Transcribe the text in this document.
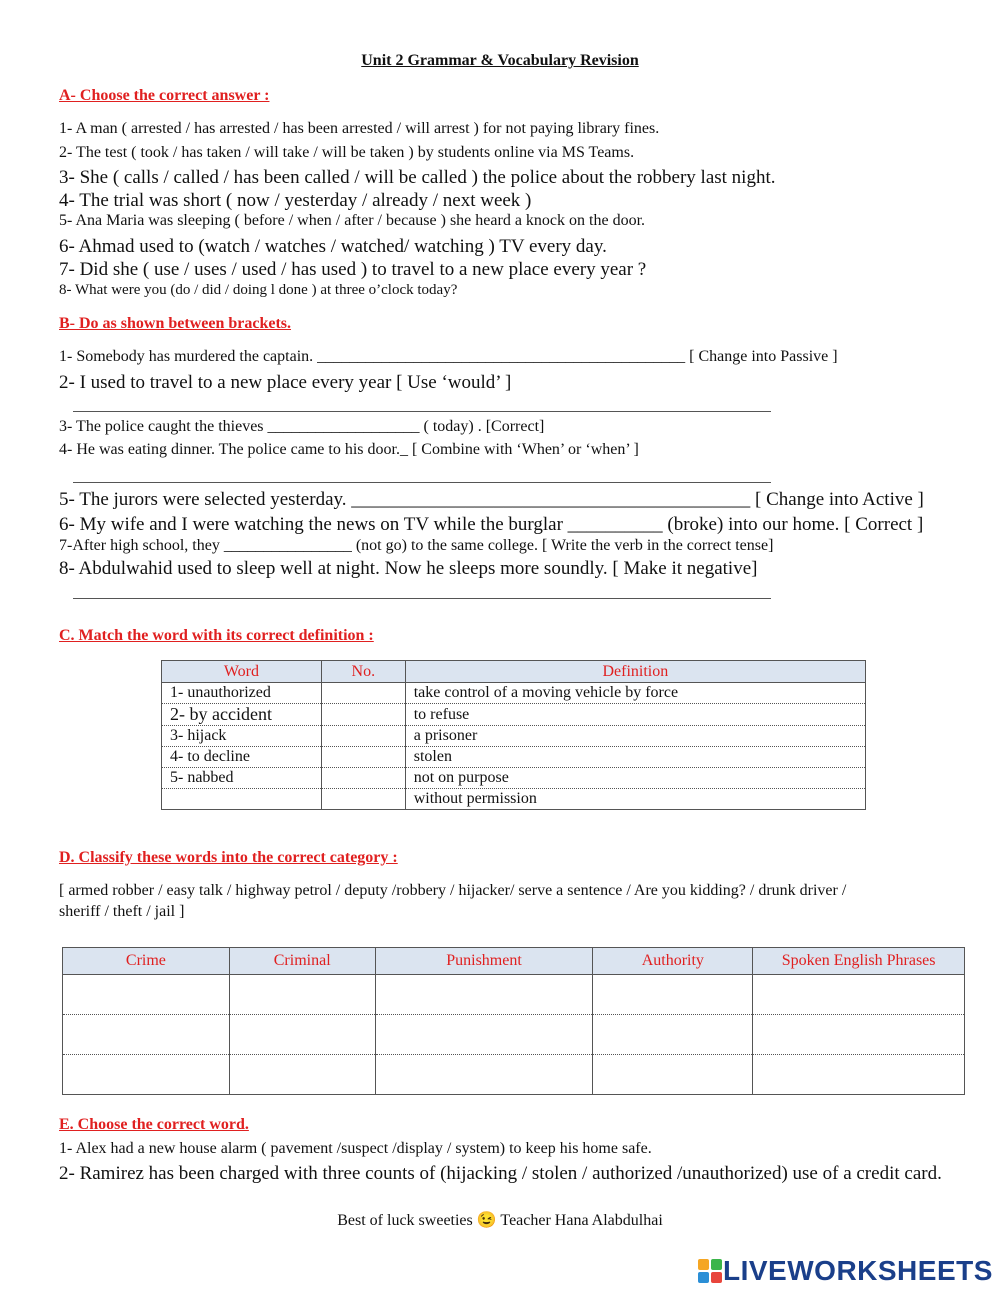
Unit 2 Grammar & Vocabulary Revision
A- Choose the correct answer :
1- A man ( arrested / has arrested / has been arrested / will arrest ) for not paying library fines.
2- The test ( took / has taken / will take / will be taken ) by students online via MS Teams.
3- She ( calls / called / has been called / will be called ) the police about the robbery last night.
4- The trial was short ( now / yesterday / already / next week )
5- Ana Maria was sleeping ( before / when / after / because ) she heard a knock on the door.
6- Ahmad used to (watch / watches / watched/ watching ) TV every day.
7- Did she ( use / uses / used / has used ) to travel to a new place every year ?
8- What were you (do / did / doing l done ) at three o’clock today?
B- Do as shown between brackets.
1- Somebody has murdered the captain. ______________________________________________ [ Change into Passive ]
2- I used to travel to a new place every year [ Use ‘would’ ]
3- The police caught the thieves ___________________ ( today) . [Correct]
4- He was eating dinner. The police came to his door._ [ Combine with ‘When’ or ‘when’ ]
5- The jurors were selected yesterday. __________________________________________ [ Change into Active ]
6- My wife and I were watching the news on TV while the burglar __________ (broke) into our home. [ Correct ]
7-After high school, they ________________ (not go) to the same college. [ Write the verb in the correct tense]
8- Abdulwahid used to sleep well at night. Now he sleeps more soundly. [ Make it negative]
C. Match the word with its correct definition :
Word	No.	Definition
1- unauthorized		take control of a moving vehicle by force
2- by accident		to refuse
3- hijack		a prisoner
4- to decline		stolen
5- nabbed		not on purpose
		without permission
D. Classify these words into the correct category :
[ armed robber / easy talk / highway petrol / deputy /robbery / hijacker/ serve a sentence / Are you kidding? / drunk driver /
sheriff / theft / jail ]
Crime	Criminal	Punishment	Authority	Spoken English Phrases

E. Choose the correct word.
1- Alex had a new house alarm ( pavement /suspect /display / system) to keep his home safe.
2- Ramirez has been charged with three counts of (hijacking / stolen / authorized /unauthorized) use of a credit card.
Best of luck sweeties 😉 Teacher Hana Alabdulhai
LIVEWORKSHEETS
